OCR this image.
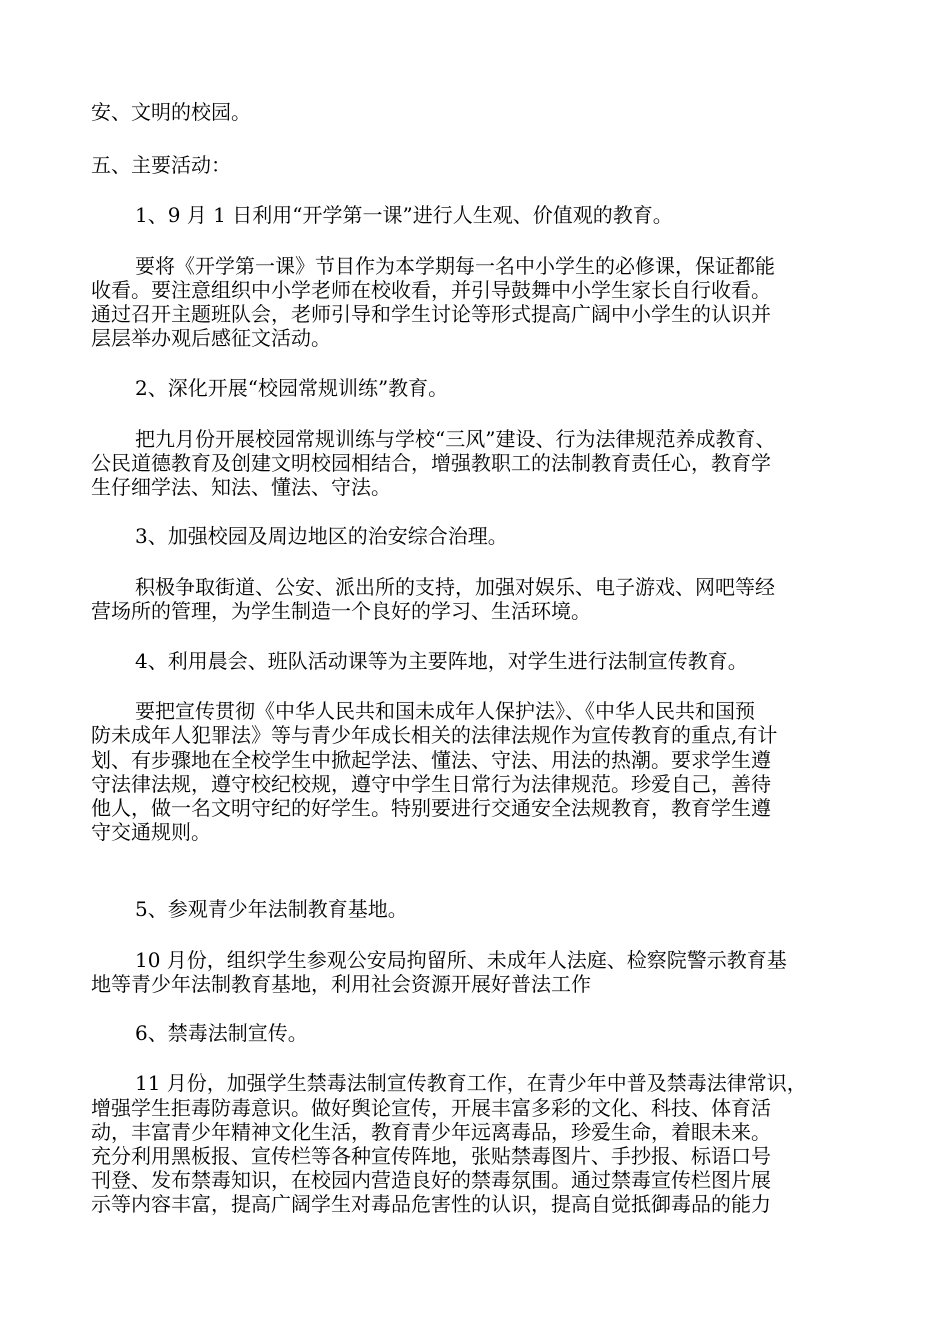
安、文明的校园。
五、主要活动：
1、9 月 1 日利用“开学第一课”进行人生观、价值观的教育。
要将《开学第一课》节目作为本学期每一名中小学生的必修课，保证都能
收看。要注意组织中小学老师在校收看，并引导鼓舞中小学生家长自行收看。
通过召开主题班队会，老师引导和学生讨论等形式提高广阔中小学生的认识并
层层举办观后感征文活动。
2、深化开展“校园常规训练”教育。
把九月份开展校园常规训练与学校“三风”建设、行为法律规范养成教育、
公民道德教育及创建文明校园相结合，增强教职工的法制教育责任心，教育学
生仔细学法、知法、懂法、守法。
3、加强校园及周边地区的治安综合治理。
积极争取街道、公安、派出所的支持，加强对娱乐、电子游戏、网吧等经
营场所的管理，为学生制造一个良好的学习、生活环境。
4、利用晨会、班队活动课等为主要阵地，对学生进行法制宣传教育。
要把宣传贯彻《中华人民共和国未成年人保护法》、《中华人民共和国预
防未成年人犯罪法》等与青少年成长相关的法律法规作为宣传教育的重点,有计
划、有步骤地在全校学生中掀起学法、懂法、守法、用法的热潮。要求学生遵
守法律法规，遵守校纪校规，遵守中学生日常行为法律规范。珍爱自己，善待
他人，做一名文明守纪的好学生。特别要进行交通安全法规教育，教育学生遵
守交通规则。
5、参观青少年法制教育基地。
10 月份，组织学生参观公安局拘留所、未成年人法庭、检察院警示教育基
地等青少年法制教育基地，利用社会资源开展好普法工作
6、禁毒法制宣传。
11 月份，加强学生禁毒法制宣传教育工作，在青少年中普及禁毒法律常识，
增强学生拒毒防毒意识。做好舆论宣传，开展丰富多彩的文化、科技、体育活
动，丰富青少年精神文化生活，教育青少年远离毒品，珍爱生命，着眼未来。
充分利用黑板报、宣传栏等各种宣传阵地，张贴禁毒图片、手抄报、标语口号
刊登、发布禁毒知识，在校园内营造良好的禁毒氛围。通过禁毒宣传栏图片展
示等内容丰富，提高广阔学生对毒品危害性的认识，提高自觉抵御毒品的能力
